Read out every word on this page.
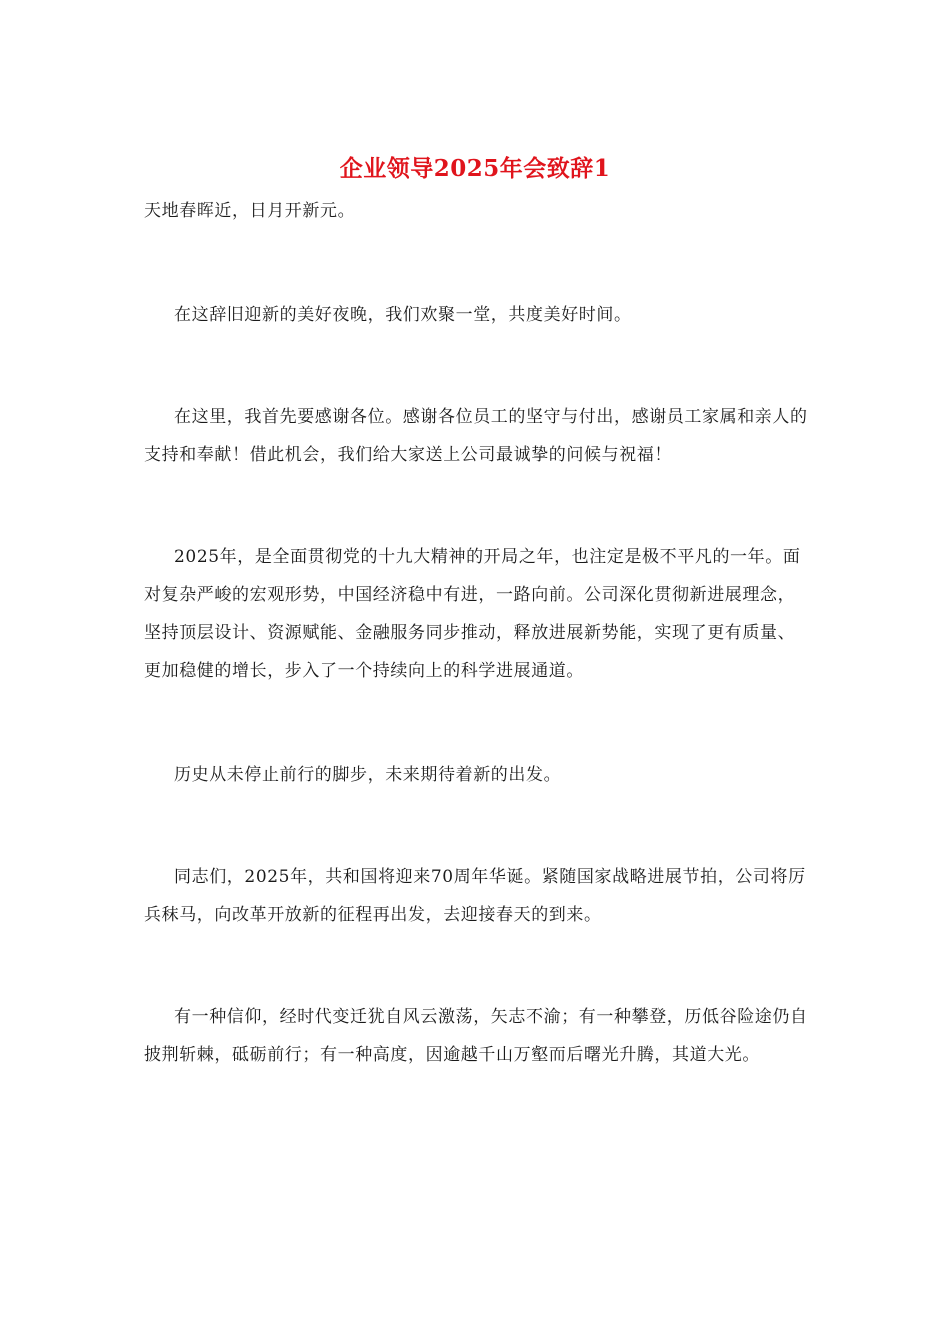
企业领导2025年会致辞1

天地春晖近，日月开新元。

在这辞旧迎新的美好夜晚，我们欢聚一堂，共度美好时间。

在这里，我首先要感谢各位。感谢各位员工的坚守与付出，感谢员工家属和亲人的支持和奉献！借此机会，我们给大家送上公司最诚挚的问候与祝福！

2025年，是全面贯彻党的十九大精神的开局之年，也注定是极不平凡的一年。面对复杂严峻的宏观形势，中国经济稳中有进，一路向前。公司深化贯彻新进展理念，坚持顶层设计、资源赋能、金融服务同步推动，释放进展新势能，实现了更有质量、更加稳健的增长，步入了一个持续向上的科学进展通道。

历史从未停止前行的脚步，未来期待着新的出发。

同志们，2025年，共和国将迎来70周年华诞。紧随国家战略进展节拍，公司将厉兵秣马，向改革开放新的征程再出发，去迎接春天的到来。

有一种信仰，经时代变迁犹自风云激荡，矢志不渝；有一种攀登，历低谷险途仍自披荆斩棘，砥砺前行；有一种高度，因逾越千山万壑而后曙光升腾，其道大光。
